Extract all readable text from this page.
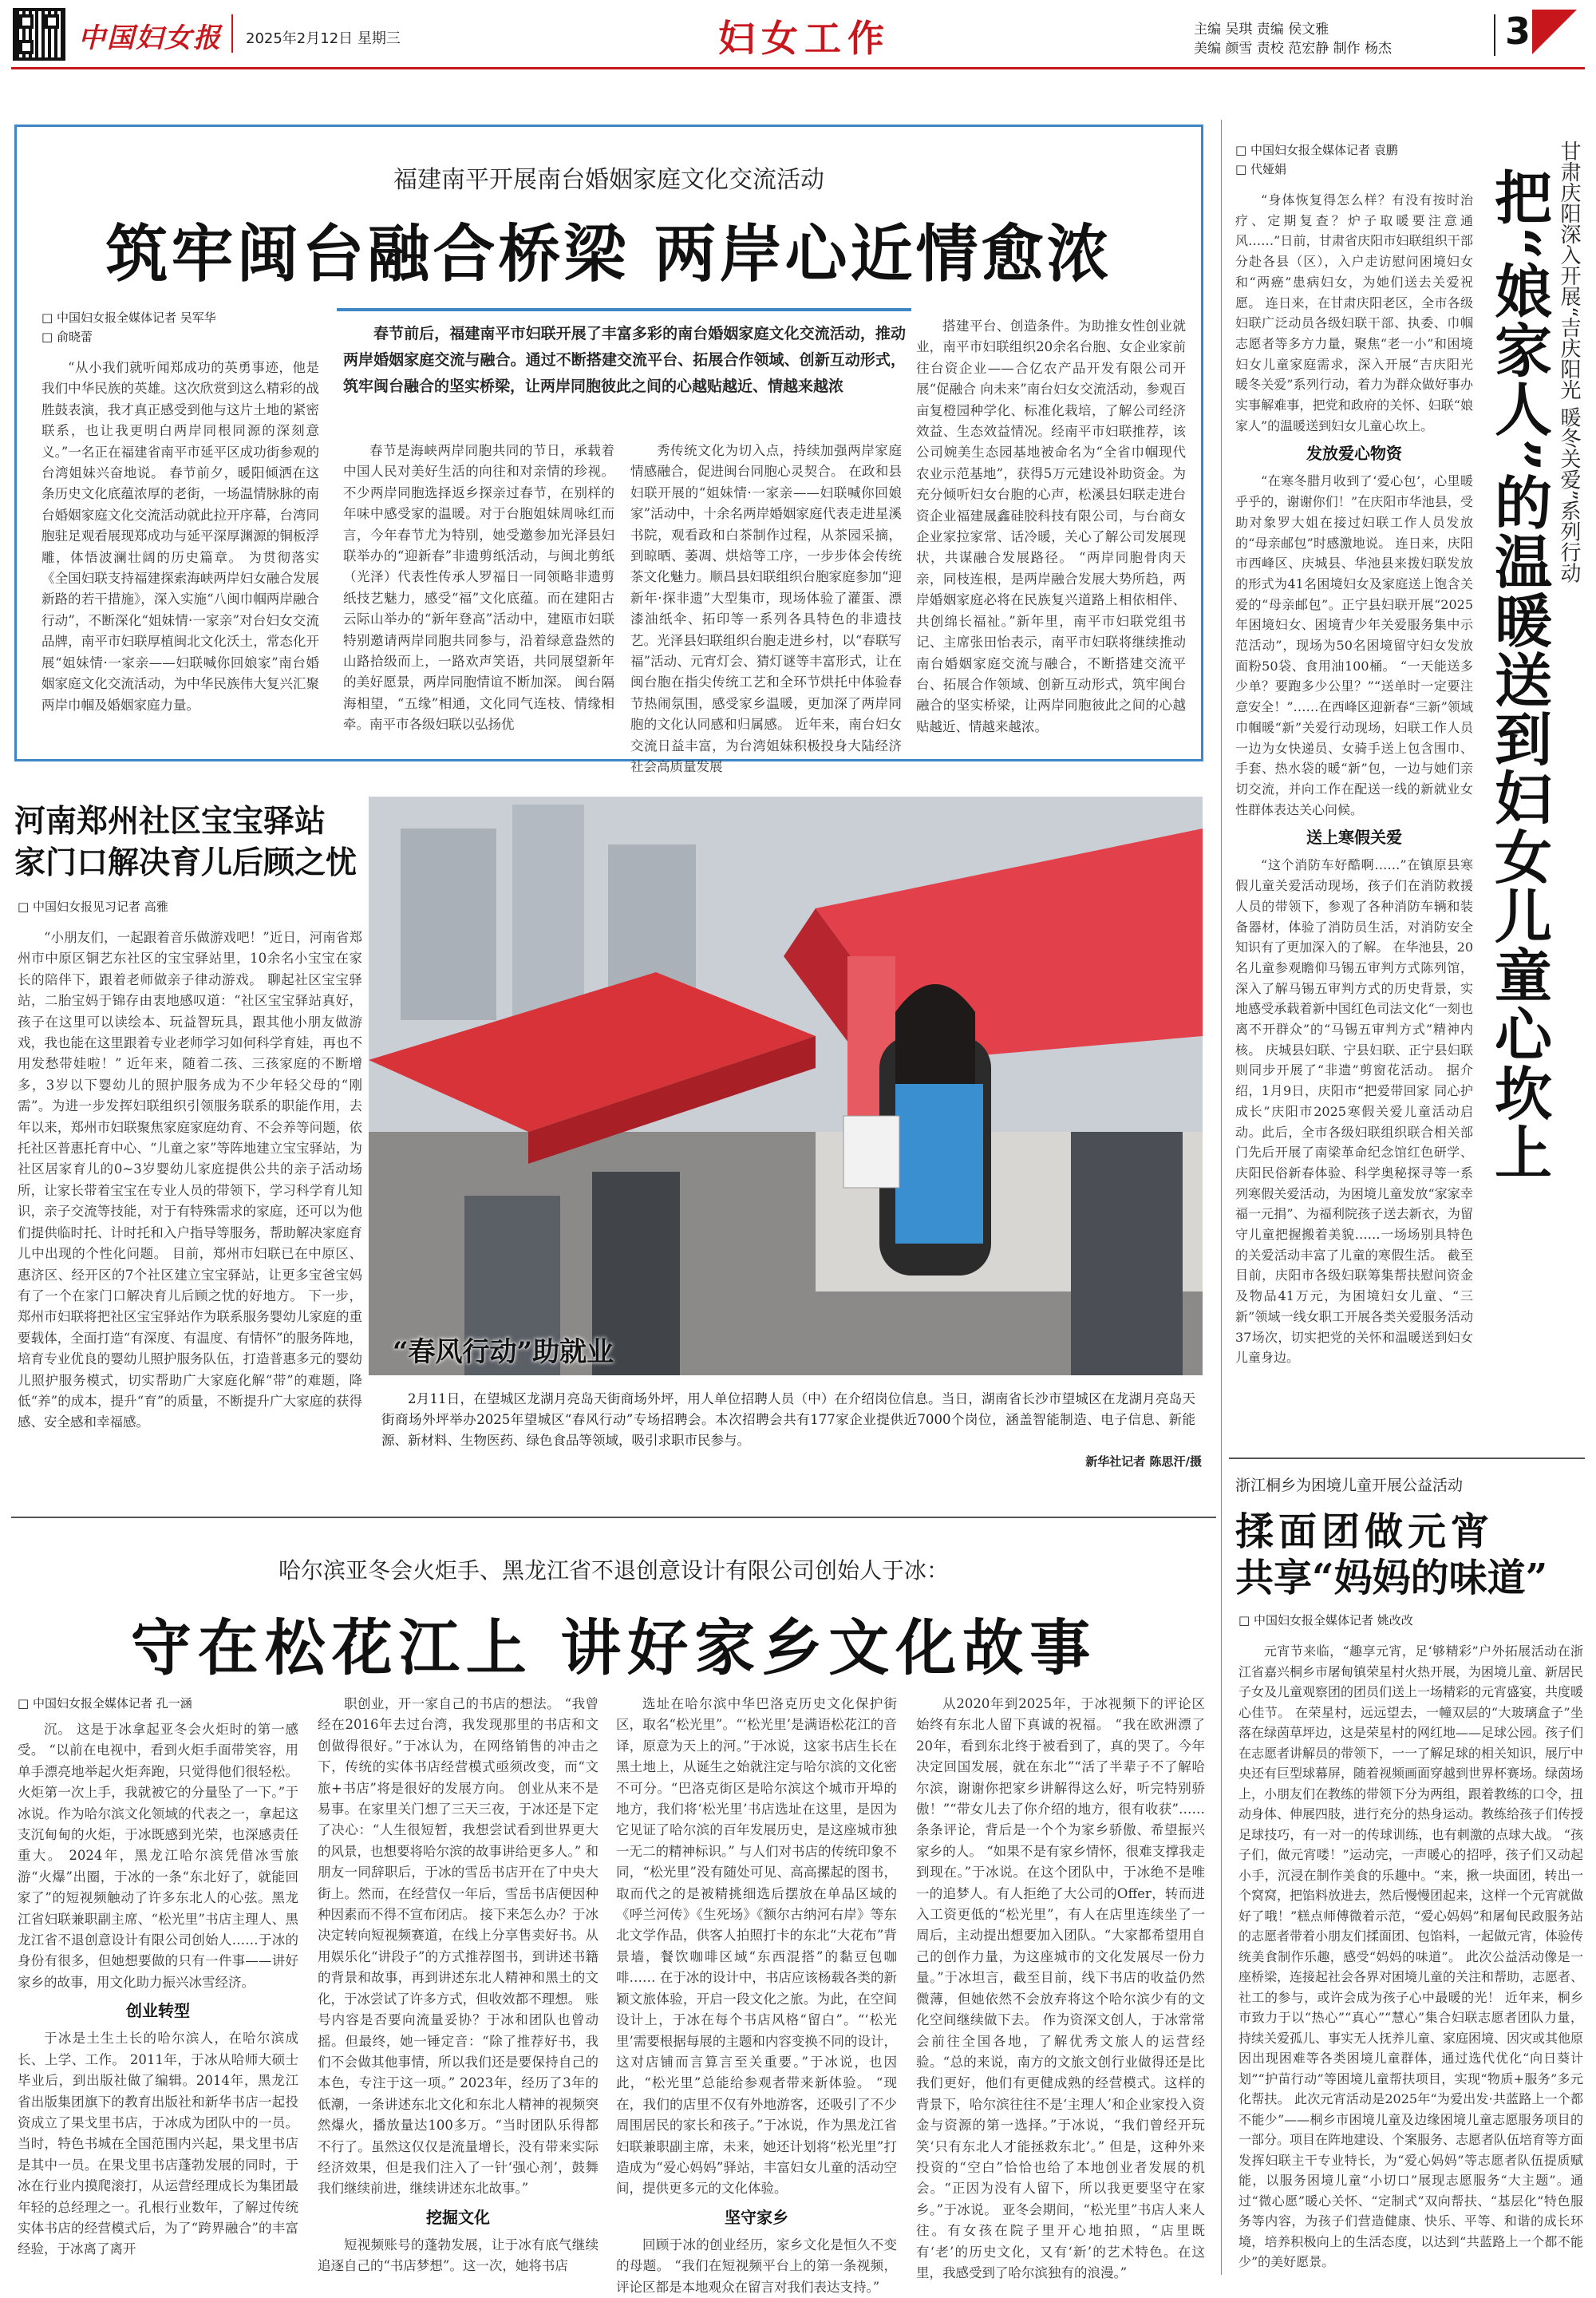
中国妇女报 2025年2月12日 星期三	妇女工作	主编 吴琪 责编 侯文雅
美编 颜雪 责校 范宏静 制作 杨杰	3
福建南平开展南台婚姻家庭文化交流活动
筑牢闽台融合桥梁 两岸心近情愈浓
□ 中国妇女报全媒体记者 吴军华
□ 俞晓蕾	春节前后，福建南平市妇联开展了丰富多彩的南台婚姻家庭文化交流活动，推动两岸婚姻家庭交流与融合。通过不断搭建交流平台、拓展合作领域、创新互动形式，筑牢闽台融合的坚实桥梁，让两岸同胞彼此之间的心越贴越近、情越来越浓

“从小我们就听闻郑成功的英勇事迹，他是我们中华民族的英雄。这次欣赏到这么精彩的战胜鼓表演，我才真正感受到他与这片土地的紧密联系，也让我更明白两岸同根同源的深刻意义。”一名正在福建省南平市延平区成功街参观的台湾姐妹兴奋地说。 春节前夕，暖阳倾洒在这条历史文化底蕴浓厚的老街，一场温情脉脉的南台婚姻家庭文化交流活动就此拉开序幕，台湾同胞驻足观看展现郑成功与延平深厚渊源的铜板浮雕，体悟波澜壮阔的历史篇章。 为贯彻落实《全国妇联支持福建探索海峡两岸妇女融合发展新路的若干措施》，深入实施“八闽巾帼两岸融合行动”，不断深化“姐妹情·一家亲”对台妇女交流品牌，南平市妇联厚植闽北文化沃土，常态化开展“姐妹情·一家亲——妇联喊你回娘家”南台婚姻家庭文化交流活动，为中华民族伟大复兴汇聚两岸巾帼及婚姻家庭力量。

春节是海峡两岸同胞共同的节日，承载着中国人民对美好生活的向往和对亲情的珍视。不少两岸同胞选择返乡探亲过春节，在别样的年味中感受家的温暖。对于台胞姐妹周咏红而言，今年春节尤为特别，她受邀参加光泽县妇联举办的“迎新春”非遗剪纸活动，与闽北剪纸（光泽）代表性传承人罗福日一同领略非遗剪纸技艺魅力，感受“福”文化底蕴。而在建阳古云际山举办的“新年登高”活动中，建瓯市妇联特别邀请两岸同胞共同参与，沿着绿意盎然的山路拾级而上，一路欢声笑语，共同展望新年的美好愿景，两岸同胞情谊不断加深。 闽台隔海相望，“五缘”相通，文化同气连枝、情缘相牵。南平市各级妇联以弘扬优

秀传统文化为切入点，持续加强两岸家庭情感融合，促进闽台同胞心灵契合。 在政和县妇联开展的“姐妹情·一家亲——妇联喊你回娘家”活动中，十余名两岸婚姻家庭代表走进星溪书院，观看政和白茶制作过程，从茶园采摘，到晾晒、萎凋、烘焙等工序，一步步体会传统茶文化魅力。顺昌县妇联组织台胞家庭参加“迎新年·探非遗”大型集市，现场体验了灌蛋、漂漆油纸伞、拓印等一系列各具特色的非遗技艺。光泽县妇联组织台胞走进乡村，以“春联写福”活动、元宵灯会、猜灯谜等丰富形式，让在闽台胞在指尖传统工艺和全环节烘托中体验春节热闹氛围，感受家乡温暖，更加深了两岸同胞的文化认同感和归属感。 近年来，南台妇女交流日益丰富，为台湾姐妹积极投身大陆经济社会高质量发展

搭建平台、创造条件。为助推女性创业就业，南平市妇联组织20余名台胞、女企业家前往台资企业——合亿农产品开发有限公司开展“促融合 向未来”南台妇女交流活动，参观百亩复橙园种学化、标准化栽培，了解公司经济效益、生态效益情况。经南平市妇联推荐，该公司婉美生态园基地被命名为“全省巾帼现代农业示范基地”，获得5万元建设补助资金。为充分倾听妇女台胞的心声，松溪县妇联走进台资企业福建晟鑫硅胶科技有限公司，与台商女企业家拉家常、话冷暖，关心了解公司发展现状，共谋融合发展路径。 “两岸同胞骨肉天亲，同枝连根，是两岸融合发展大势所趋，两岸婚姻家庭必将在民族复兴道路上相依相伴、共创绵长福祉。”新年里，南平市妇联党组书记、主席张田怡表示，南平市妇联将继续推动南台婚姻家庭交流与融合，不断搭建交流平台、拓展合作领域、创新互动形式，筑牢闽台融合的坚实桥梁，让两岸同胞彼此之间的心越贴越近、情越来越浓。

□ 中国妇女报全媒体记者 袁鹏
□ 代娅娟	甘肃庆阳深入开展“吉庆阳光 暖冬关爱”系列行动
把“娘家人”的温暖送到妇女儿童心坎上

“身体恢复得怎么样？有没有按时治疗、定期复查？炉子取暖要注意通风……”日前，甘肃省庆阳市妇联组织干部分赴各县（区），入户走访慰问困境妇女和“两癌”患病妇女，为她们送去关爱祝愿。 连日来，在甘肃庆阳老区，全市各级妇联广泛动员各级妇联干部、执委、巾帼志愿者等多方力量，聚焦“老一小”和困境妇女儿童家庭需求，深入开展“吉庆阳光 暖冬关爱”系列行动，着力为群众做好事办实事解难事，把党和政府的关怀、妇联“娘家人”的温暖送到妇女儿童心坎上。

发放爱心物资

“在寒冬腊月收到了‘爱心包’，心里暖乎乎的，谢谢你们！”在庆阳市华池县，受助对象罗大姐在接过妇联工作人员发放的“母亲邮包”时感激地说。 连日来，庆阳市西峰区、庆城县、华池县来拨妇联发放的形式为41名困境妇女及家庭送上饱含关爱的“母亲邮包”。正宁县妇联开展“2025年困境妇女、困境青少年关爱服务集中示范活动”，现场为50名困境留守妇女发放面粉50袋、食用油100桶。 “一天能送多少单？要跑多少公里？”“送单时一定要注意安全！”……在西峰区迎新春“三新”领域巾帼暖“新”关爱行动现场，妇联工作人员一边为女快递员、女骑手送上包含围巾、手套、热水袋的暖“新”包，一边与她们亲切交流，并向工作在配送一线的新就业女性群体表达关心问候。

送上寒假关爱

“这个消防车好酷啊……”在镇原县寒假儿童关爱活动现场，孩子们在消防救援人员的带领下，参观了各种消防车辆和装备器材，体验了消防员生活，对消防安全知识有了更加深入的了解。 在华池县，20名儿童参观瞻仰马锡五审判方式陈列馆，深入了解马锡五审判方式的历史背景，实地感受承载着新中国红色司法文化“一刻也离不开群众”的“马锡五审判方式”精神内核。 庆城县妇联、宁县妇联、正宁县妇联则同步开展了“非遗”剪窗花活动。 据介绍，1月9日，庆阳市“把爱带回家 同心护成长”庆阳市2025寒假关爱儿童活动启动。此后，全市各级妇联组织联合相关部门先后开展了南梁革命纪念馆红色研学、庆阳民俗新春体验、科学奥秘探寻等一系列寒假关爱活动，为困境儿童发放“家家幸福一元捐”、为福利院孩子送去新衣，为留守儿童把握搬着美貌……一场场别具特色的关爱活动丰富了儿童的寒假生活。 截至目前，庆阳市各级妇联筹集帮扶慰问资金及物品41万元，为困境妇女儿童、“三新”领域一线女职工开展各类关爱服务活动37场次，切实把党的关怀和温暖送到妇女儿童身边。

河南郑州社区宝宝驿站
家门口解决育儿后顾之忧
□ 中国妇女报见习记者 高雅

“小朋友们，一起跟着音乐做游戏吧！”近日，河南省郑州市中原区铜艺东社区的宝宝驿站里，10余名小宝宝在家长的陪伴下，跟着老师做亲子律动游戏。 聊起社区宝宝驿站，二胎宝妈于锦存由衷地感叹道：“社区宝宝驿站真好，孩子在这里可以读绘本、玩益智玩具，跟其他小朋友做游戏，我也能在这里跟着专业老师学习如何科学育娃，再也不用发愁带娃啦！” 近年来，随着二孩、三孩家庭的不断增多，3岁以下婴幼儿的照护服务成为不少年轻父母的“刚需”。为进一步发挥妇联组织引领服务联系的职能作用，去年以来，郑州市妇联聚焦家庭家庭幼育、不会养等问题，依托社区普惠托育中心、“儿童之家”等阵地建立宝宝驿站，为社区居家育儿的0~3岁婴幼儿家庭提供公共的亲子活动场所，让家长带着宝宝在专业人员的带领下，学习科学育儿知识，亲子交流等技能，对于有特殊需求的家庭，还可以为他们提供临时托、计时托和入户指导等服务，帮助解决家庭育儿中出现的个性化问题。 目前，郑州市妇联已在中原区、惠济区、经开区的7个社区建立宝宝驿站，让更多宝爸宝妈有了一个在家门口解决育儿后顾之忧的好地方。 下一步，郑州市妇联将把社区宝宝驿站作为联系服务婴幼儿家庭的重要载体，全面打造“有深度、有温度、有情怀”的服务阵地，培育专业优良的婴幼儿照护服务队伍，打造普惠多元的婴幼儿照护服务模式，切实帮助广大家庭化解“带”的难题，降低“养”的成本，提升“育”的质量，不断提升广大家庭的获得感、安全感和幸福感。

“春风行动”助就业
2月11日，在望城区龙湖月亮岛天街商场外坪，用人单位招聘人员（中）在介绍岗位信息。当日，湖南省长沙市望城区在龙湖月亮岛天街商场外坪举办2025年望城区“春风行动”专场招聘会。本次招聘会共有177家企业提供近7000个岗位，涵盖智能制造、电子信息、新能源、新材料、生物医药、绿色食品等领域，吸引求职市民参与。
新华社记者 陈思汗/摄
浙江桐乡为困境儿童开展公益活动
揉面团做元宵
共享“妈妈的味道”
□ 中国妇女报全媒体记者 姚改改

元宵节来临，“趣享元宵，足‘够精彩”户外拓展活动在浙江省嘉兴桐乡市屠甸镇荣星村火热开展，为困境儿童、新居民子女及儿童观察团的团员们送上一场精彩的元宵盛宴，共度暖心佳节。 在荣星村，远远望去，一幢双层的“大玻璃盒子”坐落在绿茵草坪边，这是荣星村的网红地——足球公园。孩子们在志愿者讲解员的带领下，一一了解足球的相关知识，展厅中央还有巨型球幕屏，随着视频画面穿越到世界杯赛场。绿茵场上，小朋友们在教练的带领下分为两组，跟着教练的口令，扭动身体、伸展四肢，进行充分的热身运动。教练给孩子们传授足球技巧，有一对一的传球训练，也有刺激的点球大战。 “孩子们，做元宵喽！”运动完，一声暖心的招呼，孩子们又动起小手，沉浸在制作美食的乐趣中。“来，揪一块面团，转出一个窝窝，把馅料放进去，然后慢慢团起来，这样一个元宵就做好了哦！”糕点师傅微着示范，“爱心妈妈”和屠甸民政服务站的志愿者带着小朋友们揉面团、包馅料，一起做元宵，体验传统美食制作乐趣，感受“妈妈的味道”。 此次公益活动像是一座桥梁，连接起社会各界对困境儿童的关注和帮助，志愿者、社工的参与，或许会成为孩子心中最暖的光！ 近年来，桐乡市致力于以“热心”“真心”“慧心”集合妇联志愿者团队力量，持续关爱孤儿、事实无人抚养儿童、家庭困境、因灾或其他原因出现困难等各类困境儿童群体，通过选代优化“向日葵计划”“护苗行动”等困境儿童帮扶项目，实现“物质+服务”多元化帮扶。 此次元宵活动是2025年“为爱出发·共蓝路上一个都不能少”——桐乡市困境儿童及边缘困境儿童志愿服务项目的一部分。项目在阵地建设、个案服务、志愿者队伍培育等方面发挥妇联主干专业特长，为“爱心妈妈”等志愿者队伍提质赋能，以服务困境儿童“小切口”展现志愿服务“大主题”。通过“微心愿”暖心关怀、“定制式”双向帮扶、“基层化”特色服务等内容，为孩子们营造健康、快乐、平等、和谐的成长环境，培养积极向上的生活态度，以达到“共蓝路上一个都不能少”的美好愿景。

哈尔滨亚冬会火炬手、黑龙江省不退创意设计有限公司创始人于冰：
守在松花江上 讲好家乡文化故事
□ 中国妇女报全媒体记者 孔一涵

沉。 这是于冰拿起亚冬会火炬时的第一感受。 “以前在电视中，看到火炬手面带笑容，用单手漂亮地举起火炬奔跑，只觉得他们很轻松。火炬第一次上手，我就被它的分量坠了一下。”于冰说。作为哈尔滨文化领域的代表之一，拿起这支沉甸甸的火炬，于冰既感到光荣，也深感责任重大。 2024年，黑龙江哈尔滨凭借冰雪旅游“火爆”出圈，于冰的一条“东北好了，就能回家了”的短视频触动了许多东北人的心弦。黑龙江省妇联兼职副主席、“松光里”书店主理人、黑龙江省不退创意设计有限公司创始人……于冰的身份有很多，但她想要做的只有一件事——讲好家乡的故事，用文化助力振兴冰雪经济。

创业转型

于冰是土生土长的哈尔滨人，在哈尔滨成长、上学、工作。 2011年，于冰从哈师大硕士毕业后，到出版社做了编辑。2014年，黑龙江省出版集团旗下的教育出版社和新华书店一起投资成立了果戈里书店，于冰成为团队中的一员。 当时，特色书城在全国范围内兴起，果戈里书店是其中一员。在果戈里书店蓬勃发展的同时，于冰在行业内摸爬滚打，从运营经理成长为集团最年轻的总经理之一。孔根行业数年，了解过传统实体书店的经营模式后，为了“跨界融合”的丰富经验，于冰离了离开

职创业，开一家自己的书店的想法。 “我曾经在2016年去过台湾，我发现那里的书店和文创做得很好。”于冰认为，在网络销售的冲击之下，传统的实体书店经营模式亟须改变，而“文旅+书店”将是很好的发展方向。 创业从来不是易事。在家里关门想了三天三夜，于冰还是下定了决心：“人生很短暂，我想尝试看到世界更大的风景，也想要将哈尔滨的故事讲给更多人。” 和朋友一同辞职后，于冰的雪岳书店开在了中央大街上。然而，在经营仅一年后，雪岳书店便因种种因素而不得不宣布闭店。 接下来怎么办？于冰决定转向短视频赛道，在线上分享售卖好书。从用娱乐化“讲段子”的方式推荐图书，到讲述书籍的背景和故事，再到讲述东北人精神和黑土的文化，于冰尝试了许多方式，但收效都不理想。 账号内容是否要向流量妥协？于冰和团队也曾动摇。但最终，她一锤定音：“除了推荐好书，我们不会做其他事情，所以我们还是要保持自己的本色，专注于这一项。” 2023年，经历了3年的低潮，一条讲述东北文化和东北人精神的视频突然爆火，播放量达100多万。“当时团队乐得都不行了。虽然这仅仅是流量增长，没有带来实际经济效果，但是我们注入了一针‘强心剂’，鼓舞我们继续前进，继续讲述东北故事。”

挖掘文化

短视频账号的蓬勃发展，让于冰有底气继续追逐自己的“书店梦想”。这一次，她将书店

选址在哈尔滨中华巴洛克历史文化保护街区，取名“松光里”。“‘松光里’是满语松花江的音译，原意为天上的河。”于冰说，这家书店生长在黑土地上，从诞生之始就注定与哈尔滨的文化密不可分。“巴洛克街区是哈尔滨这个城市开埠的地方，我们将‘松光里’书店选址在这里，是因为它见证了哈尔滨的百年发展历史，是这座城市独一无二的精神标识。” 与人们对书店的传统印象不同，“松光里”没有随处可见、高高摞起的图书，取而代之的是被精挑细选后摆放在单品区域的《呼兰河传》《生死场》《额尔古纳河右岸》等东北文学作品，供客人拍照打卡的东北“大花布”背景墙，餐饮咖啡区域“东西混搭”的黏豆包咖啡…… 在于冰的设计中，书店应该杨载各类的新颖文旅体验，开启一段文化之旅。为此，在空间设计上，于冰在每个书店风格“留白”。“‘松光里’需要根据每展的主题和内容变换不同的设计，这对店铺而言算言至关重要。”于冰说，也因此，“松光里”总能给参观者带来新体验。 “现在，我们的店里不仅有外地游客，还吸引了不少周围居民的家长和孩子。”于冰说，作为黑龙江省妇联兼职副主席，未来，她还计划将“松光里”打造成为“爱心妈妈”驿站，丰富妇女儿童的活动空间，提供更多元的文化体验。

坚守家乡

回顾于冰的创业经历，家乡文化是恒久不变的母题。 “我们在短视频平台上的第一条视频，评论区都是本地观众在留言对我们表达支持。”

从2020年到2025年，于冰视频下的评论区始终有东北人留下真诚的祝福。 “我在欧洲漂了20年，看到东北终于被看到了，真的哭了。今年决定回国发展，就在东北”“活了半辈子不了解哈尔滨，谢谢你把家乡讲解得这么好，听完特别骄傲！”“带女儿去了你介绍的地方，很有收获”……条条评论，背后是一个个为家乡骄傲、希望振兴家乡的人。 “如果不是有家乡情怀，很难支撑我走到现在。”于冰说。在这个团队中，于冰绝不是唯一的追梦人。有人拒绝了大公司的Offer，转而进入工资更低的“松光里”，有人在店里连续坐了一周后，主动提出想要加入团队。“大家都希望用自己的创作力量，为这座城市的文化发展尽一份力量。”于冰坦言，截至目前，线下书店的收益仍然微薄，但她依然不会放弃将这个哈尔滨少有的文化空间继续做下去。 作为资深文创人，于冰常常会前往全国各地，了解优秀文旅人的运营经验。“总的来说，南方的文旅文创行业做得还是比我们更好，他们有更健成熟的经营模式。这样的背景下，哈尔滨往往不是‘主理人’和企业家投入资金与资源的第一选择。”于冰说，“我们曾经开玩笑‘只有东北人才能拯救东北’。” 但是，这种外来投资的“空白”恰恰也给了本地创业者发展的机会。“正因为没有人留下，所以我更要坚守在家乡。”于冰说。 亚冬会期间，“松光里”书店人来人往。有女孩在院子里开心地拍照，“店里既有‘老’的历史文化，又有‘新’的艺术特色。在这里，我感受到了哈尔滨独有的浪漫。”
